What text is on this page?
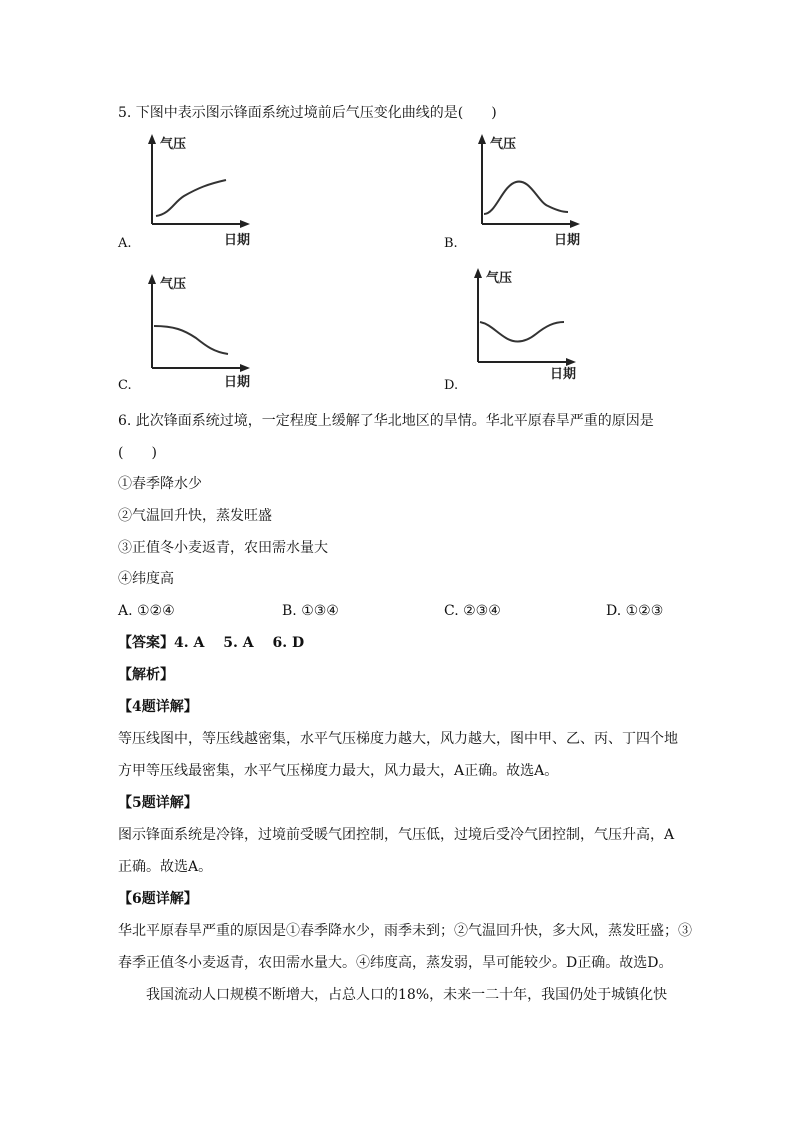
5. 下图中表示图示锋面系统过境前后气压变化曲线的是(　　)
A.
气压
日期	B.
气压
日期
C.
气压
日期	D.
气压
日期
6. 此次锋面系统过境，一定程度上缓解了华北地区的旱情。华北平原春旱严重的原因是
(　　)
①春季降水少
②气温回升快，蒸发旺盛
③正值冬小麦返青，农田需水量大
④纬度高
A. ①②④	B. ①③④	C. ②③④	D. ①②③
【答案】4. A　 5. A　 6. D
【解析】
【4题详解】
等压线图中，等压线越密集，水平气压梯度力越大，风力越大，图中甲、乙、丙、丁四个地
方甲等压线最密集，水平气压梯度力最大，风力最大，A正确。故选A。
【5题详解】
图示锋面系统是冷锋，过境前受暖气团控制，气压低，过境后受冷气团控制，气压升高，A
正确。故选A。
【6题详解】
华北平原春旱严重的原因是①春季降水少，雨季未到；②气温回升快，多大风，蒸发旺盛；③
春季正值冬小麦返青，农田需水量大。④纬度高，蒸发弱，旱可能较少。D正确。故选D。
我国流动人口规模不断增大，占总人口的18%，未来一二十年，我国仍处于城镇化快
